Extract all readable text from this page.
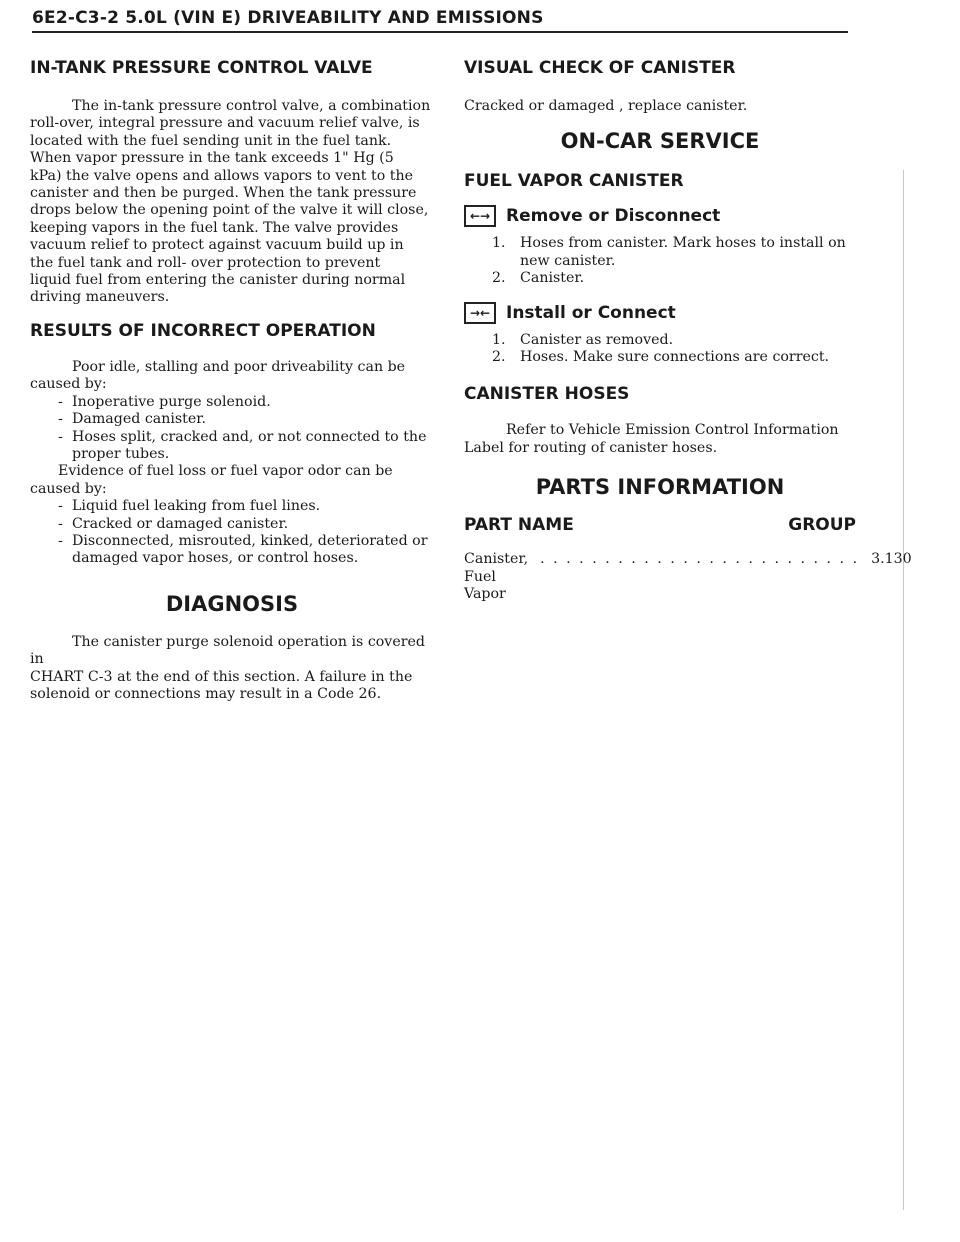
6E2-C3-2 5.0L (VIN E) DRIVEABILITY AND EMISSIONS
IN-TANK PRESSURE CONTROL VALVE
The in-tank pressure control valve, a combination
roll-over, integral pressure and vacuum relief valve, is
located with the fuel sending unit in the fuel tank.
When vapor pressure in the tank exceeds 1" Hg (5
kPa) the valve opens and allows vapors to vent to the
canister and then be purged. When the tank pressure
drops below the opening point of the valve it will close,
keeping vapors in the fuel tank. The valve provides
vacuum relief to protect against vacuum build up in
the fuel tank and roll- over protection to prevent
liquid fuel from entering the canister during normal
driving maneuvers.
RESULTS OF INCORRECT OPERATION
Poor idle, stalling and poor driveability can be
caused by:
- Inoperative purge solenoid.
- Damaged canister.
- Hoses split, cracked and, or not connected to the proper tubes.
Evidence of fuel loss or fuel vapor odor can be
caused by:
- Liquid fuel leaking from fuel lines.
- Cracked or damaged canister.
- Disconnected, misrouted, kinked, deteriorated or damaged vapor hoses, or control hoses.
DIAGNOSIS
The canister purge solenoid operation is covered in
CHART C-3 at the end of this section. A failure in the
solenoid or connections may result in a Code 26.
VISUAL CHECK OF CANISTER
Cracked or damaged , replace canister.
ON-CAR SERVICE
FUEL VAPOR CANISTER
←→ Remove or Disconnect
1. Hoses from canister. Mark hoses to install on new canister.
2. Canister.
→← Install or Connect
1. Canister as removed.
2. Hoses. Make sure connections are correct.
CANISTER HOSES
Refer to Vehicle Emission Control Information
Label for routing of canister hoses.
PARTS INFORMATION
PART NAME	GROUP
Canister, Fuel Vapor
. . . . . . . . . . . . . . . . . . . . . . . . . 3.130
